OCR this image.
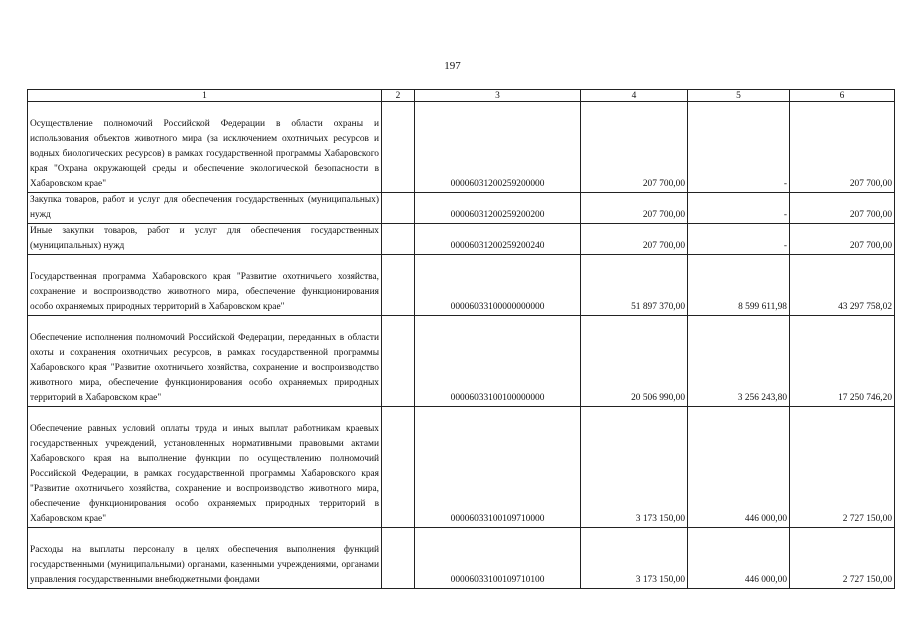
197
1	2	3	4	5	6
Осуществление полномочий Российской Федерации в области охраны и использования объектов животного мира (за исключением охотничьих ресурсов и водных биологических ресурсов) в рамках государственной программы Хабаровского края "Охрана окружающей среды и обеспечение экологической безопасности в Хабаровском крае"		00006031200259200000	207 700,00	-	207 700,00
Закупка товаров, работ и услуг для обеспечения государственных (муниципальных) нужд		00006031200259200200	207 700,00	-	207 700,00
Иные закупки товаров, работ и услуг для обеспечения государственных (муниципальных) нужд		00006031200259200240	207 700,00	-	207 700,00
Государственная программа Хабаровского края "Развитие охотничьего хозяйства, сохранение и воспроизводство животного мира, обеспечение функционирования особо охраняемых природных территорий в Хабаровском крае"		00006033100000000000	51 897 370,00	8 599 611,98	43 297 758,02
Обеспечение исполнения полномочий Российской Федерации, переданных в области охоты и сохранения охотничьих ресурсов, в рамках государственной программы Хабаровского края "Развитие охотничьего хозяйства, сохранение и воспроизводство животного мира, обеспечение функционирования особо охраняемых природных территорий в Хабаровском крае"		00006033100100000000	20 506 990,00	3 256 243,80	17 250 746,20
Обеспечение равных условий оплаты труда и иных выплат работникам краевых государственных учреждений, установленных нормативными правовыми актами Хабаровского края на выполнение функции по осуществлению полномочий Российской Федерации, в рамках государственной программы Хабаровского края "Развитие охотничьего хозяйства, сохранение и воспроизводство животного мира, обеспечение функционирования особо охраняемых природных территорий в Хабаровском крае"		00006033100109710000	3 173 150,00	446 000,00	2 727 150,00
Расходы на выплаты персоналу в целях обеспечения выполнения функций государственными (муниципальными) органами, казенными учреждениями, органами управления государственными внебюджетными фондами		00006033100109710100	3 173 150,00	446 000,00	2 727 150,00
